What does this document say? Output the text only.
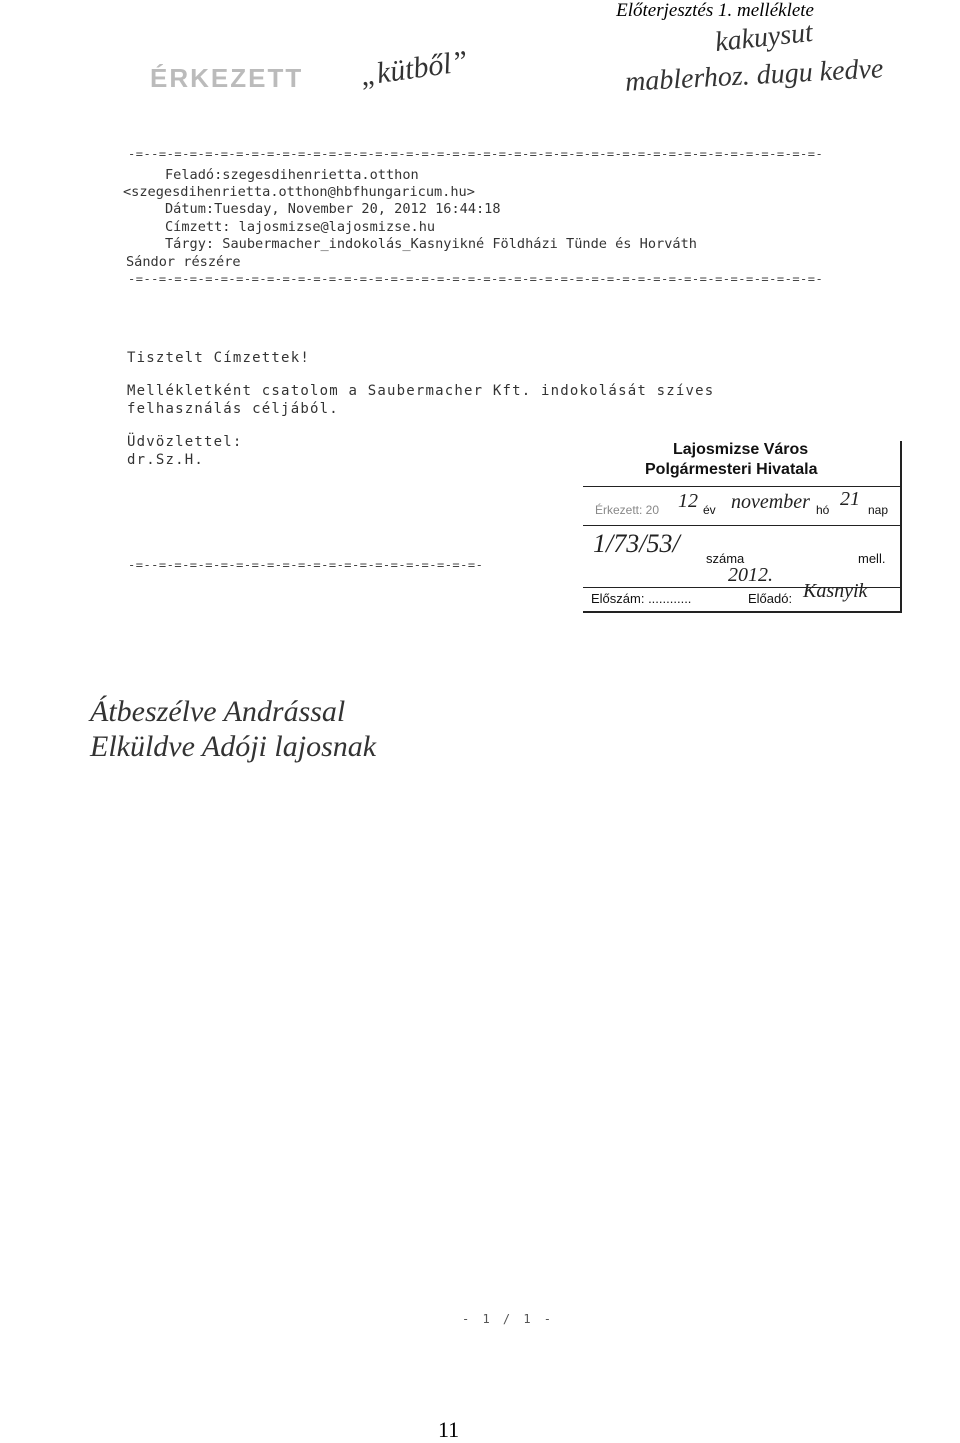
Előterjesztés 1. melléklete
ÉRKEZETT „kütből”
kakuysut
mablerhoz. dugu kedve
-=--=-=-=-=-=-=-=-=-=-=-=-=-=-=-=-=-=-=-=-=-=-=-=-=-=-=-=-=-=-=-=-=-=-=-=-=-=-=-=-=-=-=-=-
Feladó:szegesdihenrietta.otthon
<szegesdihenrietta.otthon@hbfhungaricum.hu>
Dátum:Tuesday, November 20, 2012 16:44:18
Címzett: lajosmizse@lajosmizse.hu
Tárgy: Saubermacher_indokolás_Kasnyikné Földházi Tünde és Horváth
Sándor részére
-=--=-=-=-=-=-=-=-=-=-=-=-=-=-=-=-=-=-=-=-=-=-=-=-=-=-=-=-=-=-=-=-=-=-=-=-=-=-=-=-=-=-=-=-
Tisztelt Címzettek!
Mellékletként csatolom a Saubermacher Kft. indokolását szíves
felhasználás céljából.
Üdvözlettel:
dr.Sz.H.
-=--=-=-=-=-=-=-=-=-=-=-=-=-=-=-=-=-=-=-=-=-=-
Lajosmizse Város
Polgármesteri Hivatala
Érkezett: 20 12 év november hó 21 nap
1/73/53/
száma	mell.
2012.
Előszám: ............	Előadó: Kasnyik
Átbeszélve Andrással
Elküldve Adóji lajosnak
- 1 / 1 -
11
